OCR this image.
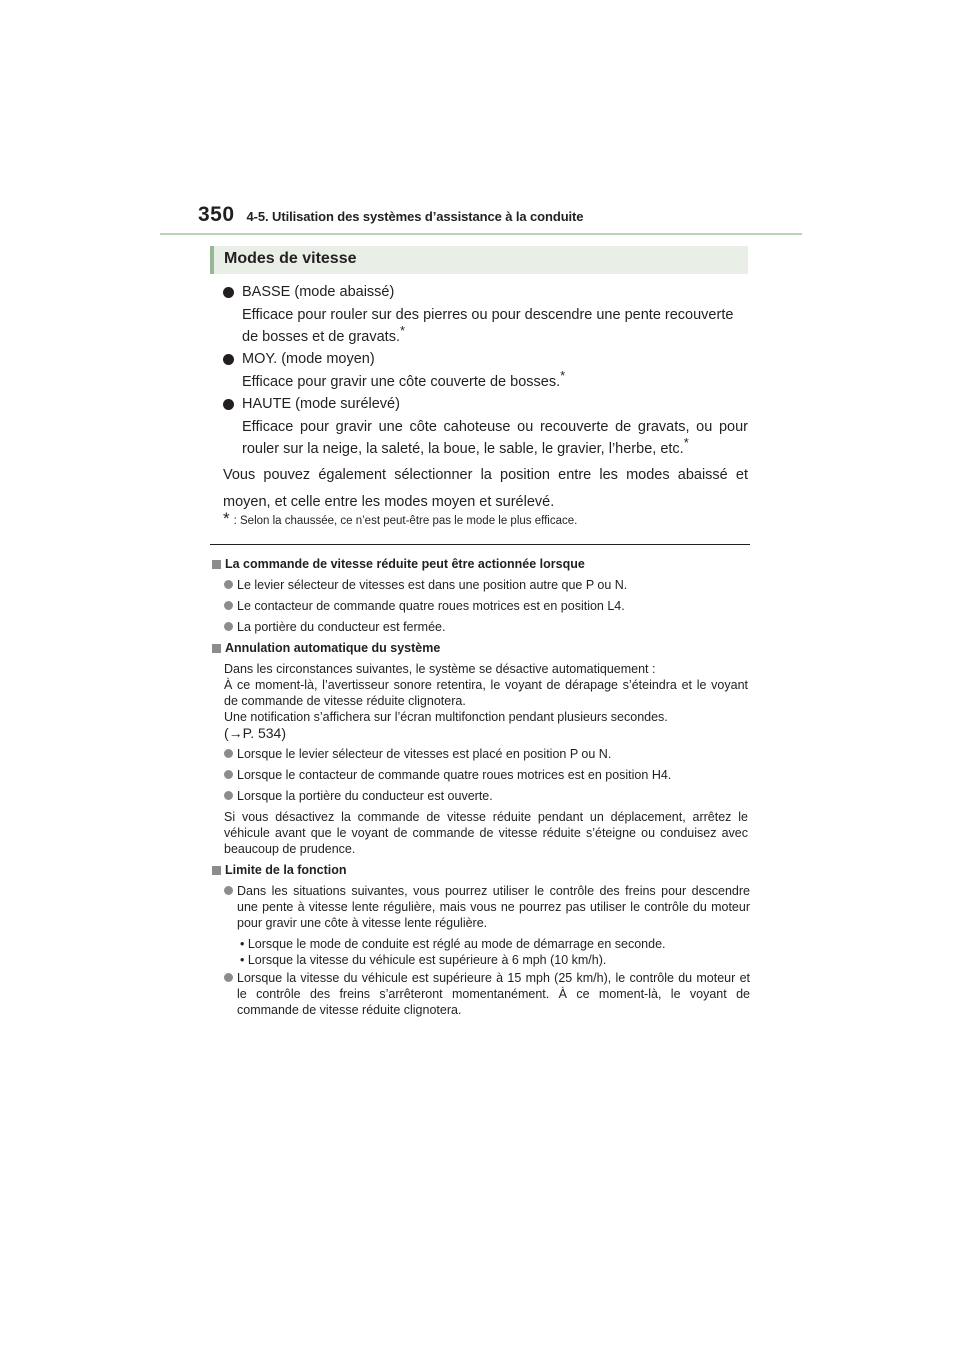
350 4-5. Utilisation des systèmes d’assistance à la conduite
Modes de vitesse
BASSE (mode abaissé)
Efficace pour rouler sur des pierres ou pour descendre une pente recouverte
de bosses et de gravats.*
MOY. (mode moyen)
Efficace pour gravir une côte couverte de bosses.*
HAUTE (mode surélevé)
Efficace pour gravir une côte cahoteuse ou recouverte de gravats, ou pour
rouler sur la neige, la saleté, la boue, le sable, le gravier, l’herbe, etc.*
Vous pouvez également sélectionner la position entre les modes abaissé et moyen, et celle entre les modes moyen et surélevé.
* : Selon la chaussée, ce n’est peut-être pas le mode le plus efficace.
La commande de vitesse réduite peut être actionnée lorsque
Le levier sélecteur de vitesses est dans une position autre que P ou N.
Le contacteur de commande quatre roues motrices est en position L4.
La portière du conducteur est fermée.
Annulation automatique du système
Dans les circonstances suivantes, le système se désactive automatiquement :
À ce moment-là, l’avertisseur sonore retentira, le voyant de dérapage s’éteindra et le voyant de commande de vitesse réduite clignotera.
Une notification s’affichera sur l’écran multifonction pendant plusieurs secondes.
(→P. 534)
Lorsque le levier sélecteur de vitesses est placé en position P ou N.
Lorsque le contacteur de commande quatre roues motrices est en position H4.
Lorsque la portière du conducteur est ouverte.
Si vous désactivez la commande de vitesse réduite pendant un déplacement, arrêtez le véhicule avant que le voyant de commande de vitesse réduite s’éteigne ou conduisez avec beaucoup de prudence.
Limite de la fonction
Dans les situations suivantes, vous pourrez utiliser le contrôle des freins pour descendre une pente à vitesse lente régulière, mais vous ne pourrez pas utiliser le contrôle du moteur pour gravir une côte à vitesse lente régulière.
• Lorsque le mode de conduite est réglé au mode de démarrage en seconde.
• Lorsque la vitesse du véhicule est supérieure à 6 mph (10 km/h).
Lorsque la vitesse du véhicule est supérieure à 15 mph (25 km/h), le contrôle du moteur et le contrôle des freins s’arrêteront momentanément. À ce moment-là, le voyant de commande de vitesse réduite clignotera.
